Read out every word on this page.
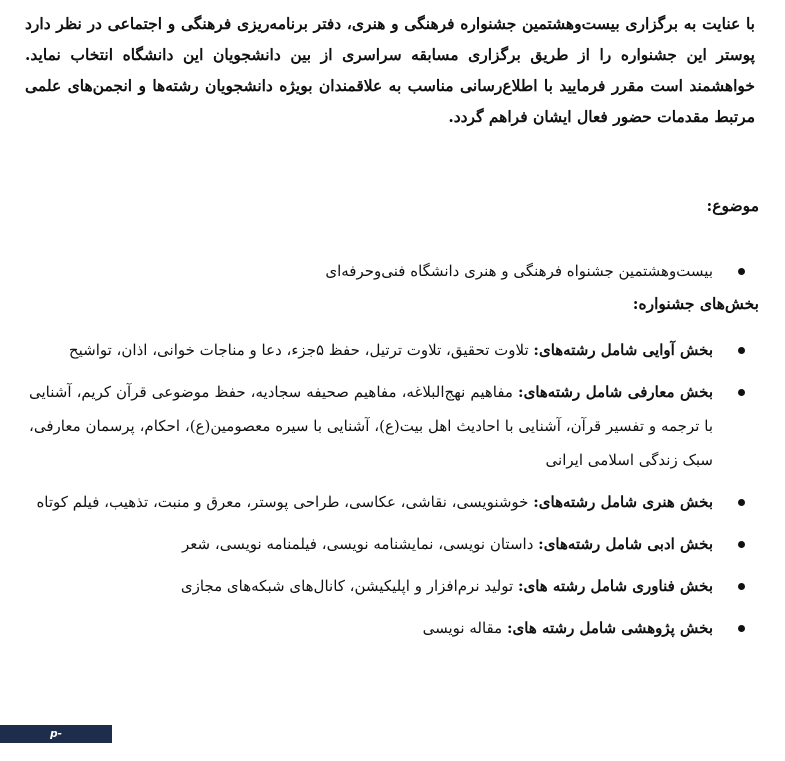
با عنایت به برگزاری بیست‌وهشتمین جشنواره فرهنگی و هنری، دفتر برنامه‌ریزی فرهنگی و اجتماعی در نظر دارد پوستر این جشنواره را از طریق برگزاری مسابقه سراسری از بین دانشجویان این دانشگاه انتخاب نماید. خواهشمند است مقرر فرمایید با اطلاع‌رسانی مناسب به علاقمندان بویژه دانشجویان رشته‌ها و انجمن‌های علمی مرتبط مقدمات حضور فعال ایشان فراهم گردد.

موضوع:
بیست‌وهشتمین جشنواه فرهنگی و هنری دانشگاه فنی‌وحرفه‌ای
بخش‌های جشنواره:
بخش آوایی شامل رشته‌های: تلاوت تحقیق، تلاوت ترتیل، حفظ ۵جزء، دعا و مناجات خوانی، اذان، تواشیح
بخش معارفی شامل رشته‌های: مفاهیم نهج‌البلاغه، مفاهیم صحیفه سجادیه، حفظ موضوعی قرآن کریم، آشنایی با ترجمه و تفسیر قرآن، آشنایی با احادیث اهل بیت(ع)، آشنایی با سیره معصومین(ع)، احکام، پرسمان معارفی، سبک زندگی اسلامی ایرانی
بخش هنری شامل رشته‌های: خوشنویسی، نقاشی، عکاسی، طراحی پوستر، معرق و منبت، تذهیب، فیلم کوتاه
بخش ادبی شامل رشته‌های: داستان نویسی، نمایشنامه نویسی، فیلمنامه نویسی، شعر
بخش فناوری شامل رشته های: تولید نرم‌افزار و اپلیکیشن، کانال‌های شبکه‌های مجازی
بخش پژوهشی شامل رشته های: مقاله نویسی
p-borujerd.nus.ac.ir
